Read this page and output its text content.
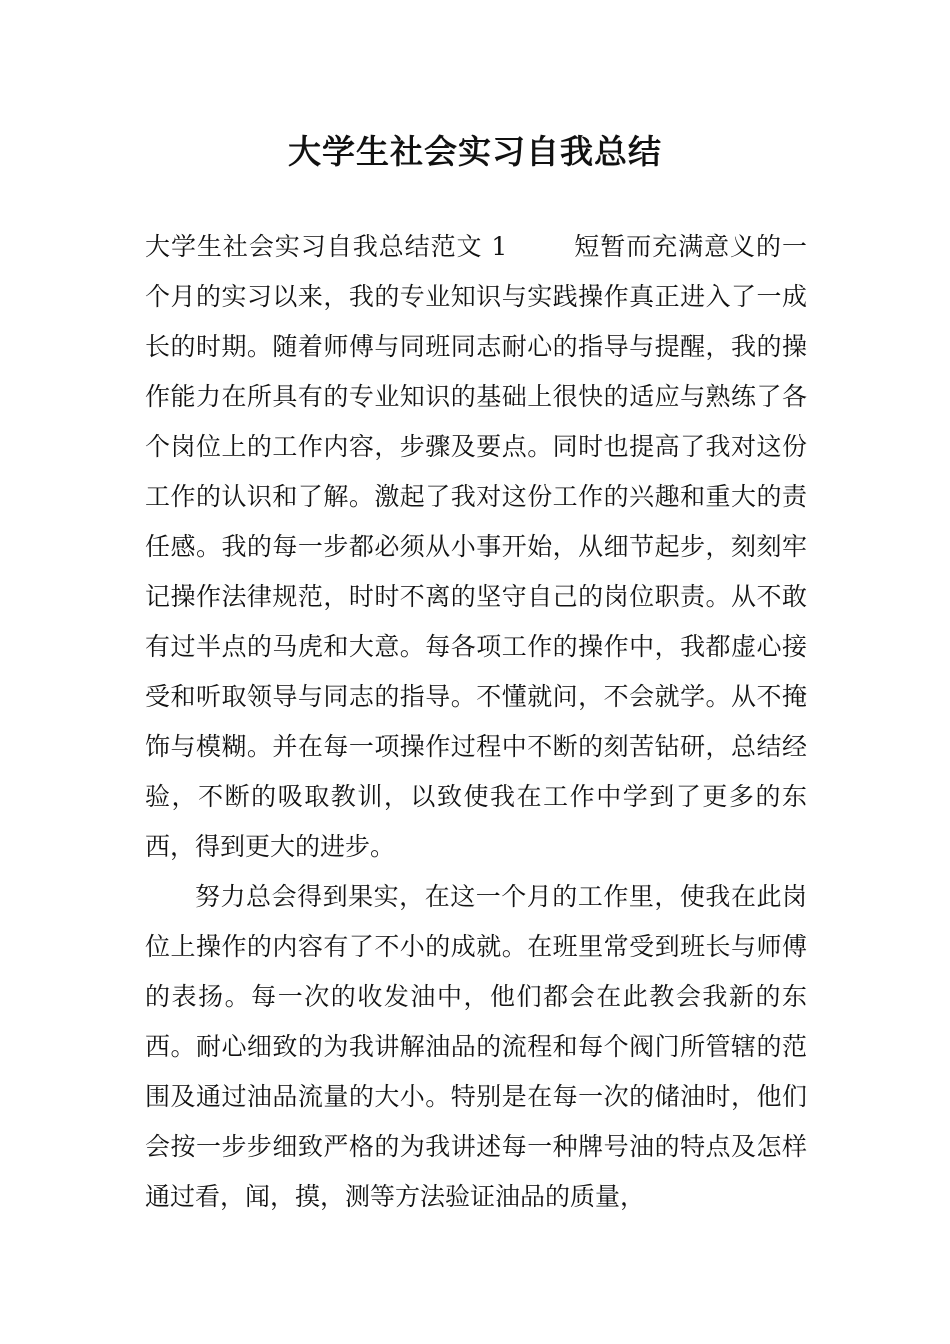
大学生社会实习自我总结

大学生社会实习自我总结范文 1	短暂而充满意义的一个月的实习以来，我的专业知识与实践操作真正进入了一成长的时期。随着师傅与同班同志耐心的指导与提醒，我的操作能力在所具有的专业知识的基础上很快的适应与熟练了各个岗位上的工作内容，步骤及要点。同时也提高了我对这份工作的认识和了解。激起了我对这份工作的兴趣和重大的责任感。我的每一步都必须从小事开始，从细节起步，刻刻牢记操作法律规范，时时不离的坚守自己的岗位职责。从不敢有过半点的马虎和大意。每各项工作的操作中，我都虚心接受和听取领导与同志的指导。不懂就问，不会就学。从不掩饰与模糊。并在每一项操作过程中不断的刻苦钻研，总结经验，不断的吸取教训，以致使我在工作中学到了更多的东西，得到更大的进步。

努力总会得到果实，在这一个月的工作里，使我在此岗位上操作的内容有了不小的成就。在班里常受到班长与师傅的表扬。每一次的收发油中，他们都会在此教会我新的东西。耐心细致的为我讲解油品的流程和每个阀门所管辖的范围及通过油品流量的大小。特别是在每一次的储油时，他们会按一步步细致严格的为我讲述每一种牌号油的特点及怎样通过看，闻，摸，测等方法验证油品的质量，
